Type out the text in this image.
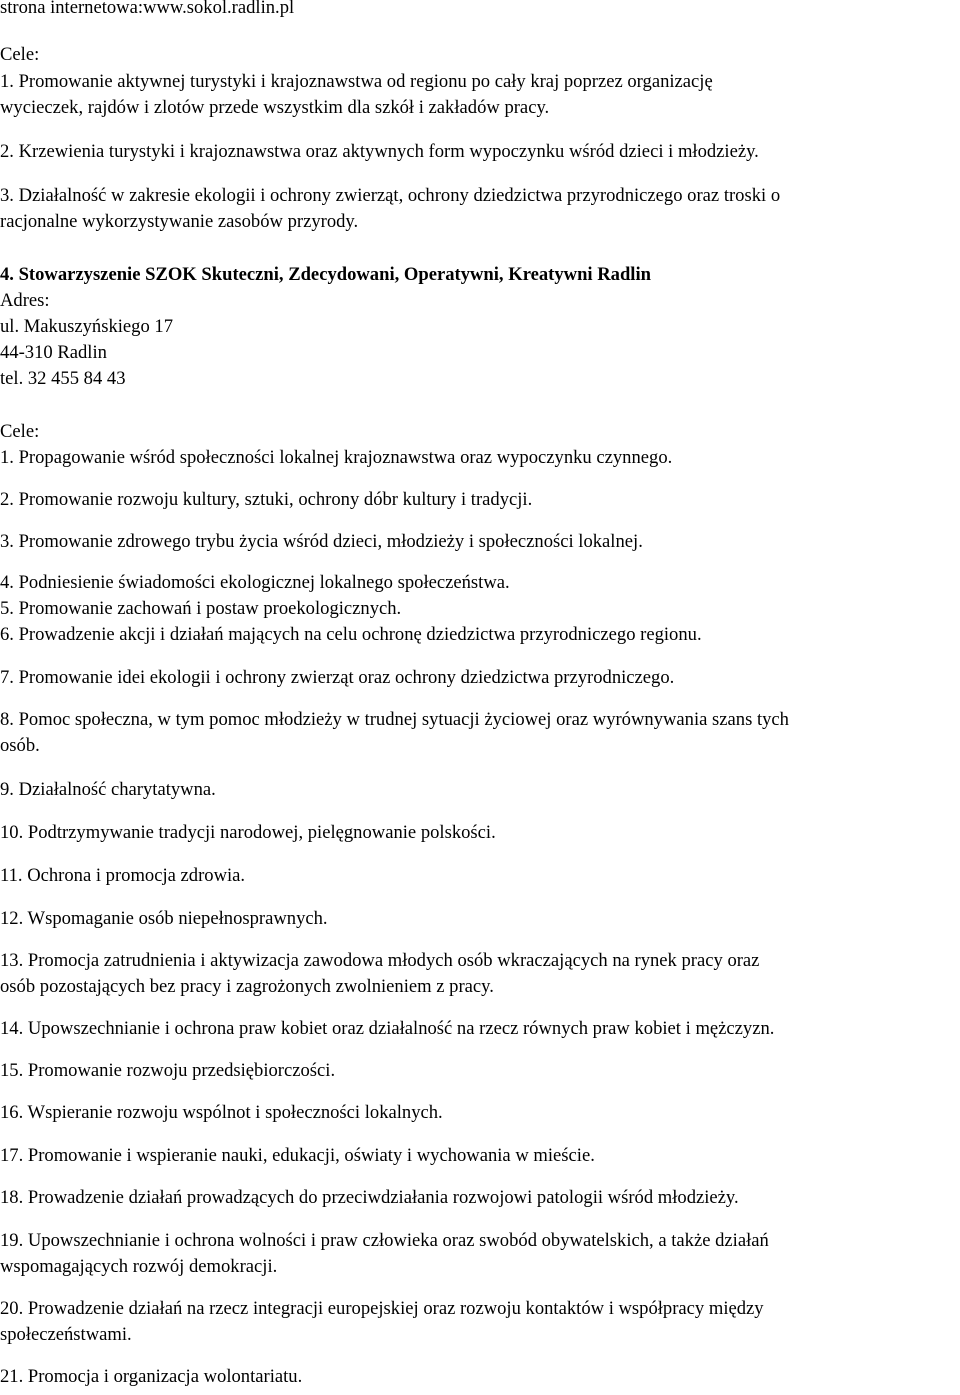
strona internetowa:www.sokol.radlin.pl
Cele:
1. Promowanie aktywnej turystyki i krajoznawstwa od regionu po cały kraj poprzez organizację
wycieczek, rajdów i zlotów przede wszystkim dla szkół i zakładów pracy.
2. Krzewienia turystyki i krajoznawstwa oraz aktywnych form wypoczynku wśród dzieci i młodzieży.
3. Działalność w zakresie ekologii i ochrony zwierząt, ochrony dziedzictwa przyrodniczego oraz troski o
racjonalne wykorzystywanie zasobów przyrody.
4. Stowarzyszenie SZOK Skuteczni, Zdecydowani, Operatywni, Kreatywni Radlin
Adres:
ul. Makuszyńskiego 17
44-310 Radlin
tel. 32 455 84 43
Cele:
1. Propagowanie wśród społeczności lokalnej krajoznawstwa oraz wypoczynku czynnego.
2. Promowanie rozwoju kultury, sztuki, ochrony dóbr kultury i tradycji.
3. Promowanie zdrowego trybu życia wśród dzieci, młodzieży i społeczności lokalnej.
4. Podniesienie świadomości ekologicznej lokalnego społeczeństwa.
5. Promowanie zachowań i postaw proekologicznych.
6. Prowadzenie akcji i działań mających na celu ochronę dziedzictwa przyrodniczego regionu.
7. Promowanie idei ekologii i ochrony zwierząt oraz ochrony dziedzictwa przyrodniczego.
8. Pomoc społeczna, w tym pomoc młodzieży w trudnej sytuacji życiowej oraz wyrównywania szans tych
osób.
9. Działalność charytatywna.
10. Podtrzymywanie tradycji narodowej, pielęgnowanie polskości.
11. Ochrona i promocja zdrowia.
12. Wspomaganie osób niepełnosprawnych.
13. Promocja zatrudnienia i aktywizacja zawodowa młodych osób wkraczających na rynek pracy oraz
osób pozostających bez pracy i zagrożonych zwolnieniem z pracy.
14. Upowszechnianie i ochrona praw kobiet oraz działalność na rzecz równych praw kobiet i mężczyzn.
15. Promowanie rozwoju przedsiębiorczości.
16. Wspieranie rozwoju wspólnot i społeczności lokalnych.
17. Promowanie i wspieranie nauki, edukacji, oświaty i wychowania w mieście.
18. Prowadzenie działań prowadzących do przeciwdziałania rozwojowi patologii wśród młodzieży.
19. Upowszechnianie i ochrona wolności i praw człowieka oraz swobód obywatelskich, a także działań
wspomagających rozwój demokracji.
20. Prowadzenie działań na rzecz integracji europejskiej oraz rozwoju kontaktów i współpracy między
społeczeństwami.
21. Promocja i organizacja wolontariatu.
